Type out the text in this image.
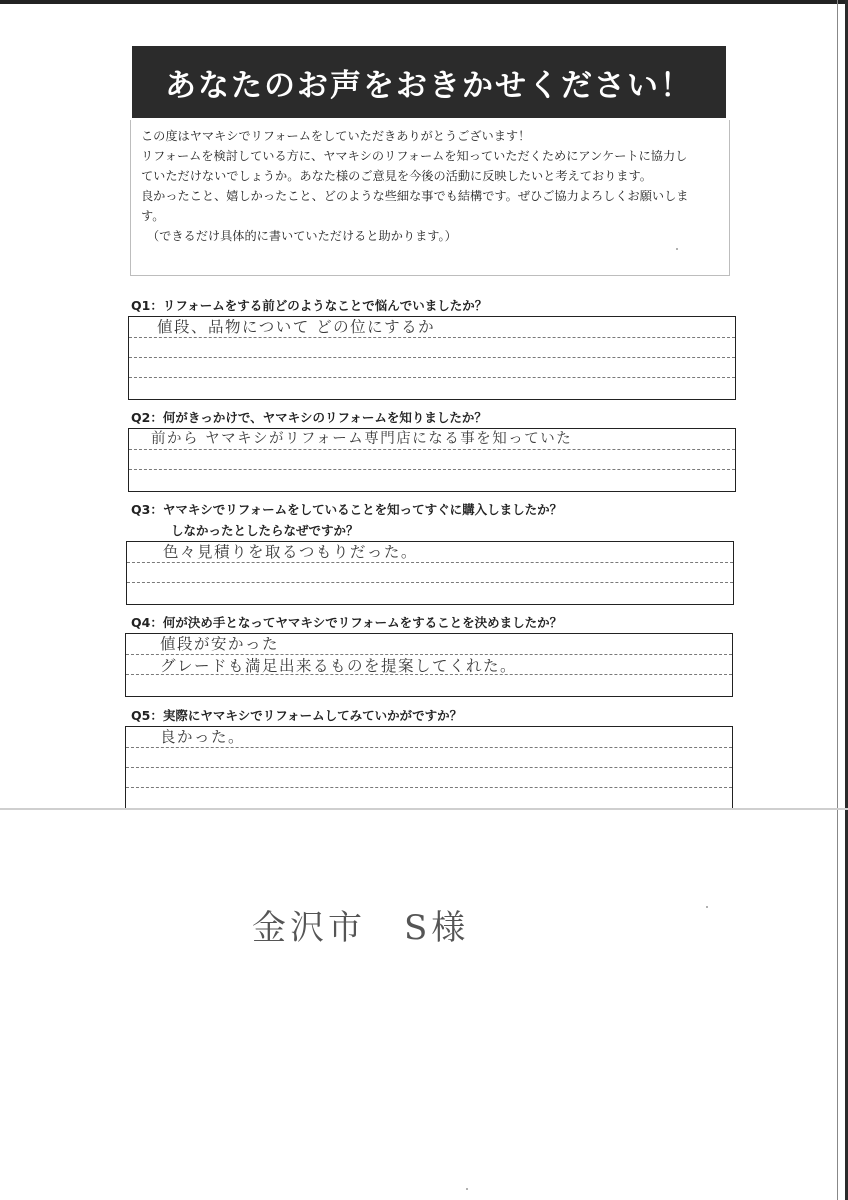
あなたのお声をおきかせください！

この度はヤマキシでリフォームをしていただきありがとうございます！

リフォームを検討している方に、ヤマキシのリフォームを知っていただくためにアンケートに協力し

ていただけないでしょうか。あなた様のご意見を今後の活動に反映したいと考えております。

良かったこと、嬉しかったこと、どのような些細な事でも結構です。ぜひご協力よろしくお願いしま

す。

（できるだけ具体的に書いていただけると助かります。）

Q1：リフォームをする前どのようなことで悩んでいましたか？
値段、品物について どの位にするか
Q2：何がきっかけで、ヤマキシのリフォームを知りましたか？
前から ヤマキシがリフォーム専門店になる事を知っていた
Q3：ヤマキシでリフォームをしていることを知ってすぐに購入しましたか？
しなかったとしたらなぜですか？
色々見積りを取るつもりだった。
Q4：何が決め手となってヤマキシでリフォームをすることを決めましたか？
値段が安かった
グレードも満足出来るものを提案してくれた。
Q5：実際にヤマキシでリフォームしてみていかがですか？
良かった。
金沢市　S様
